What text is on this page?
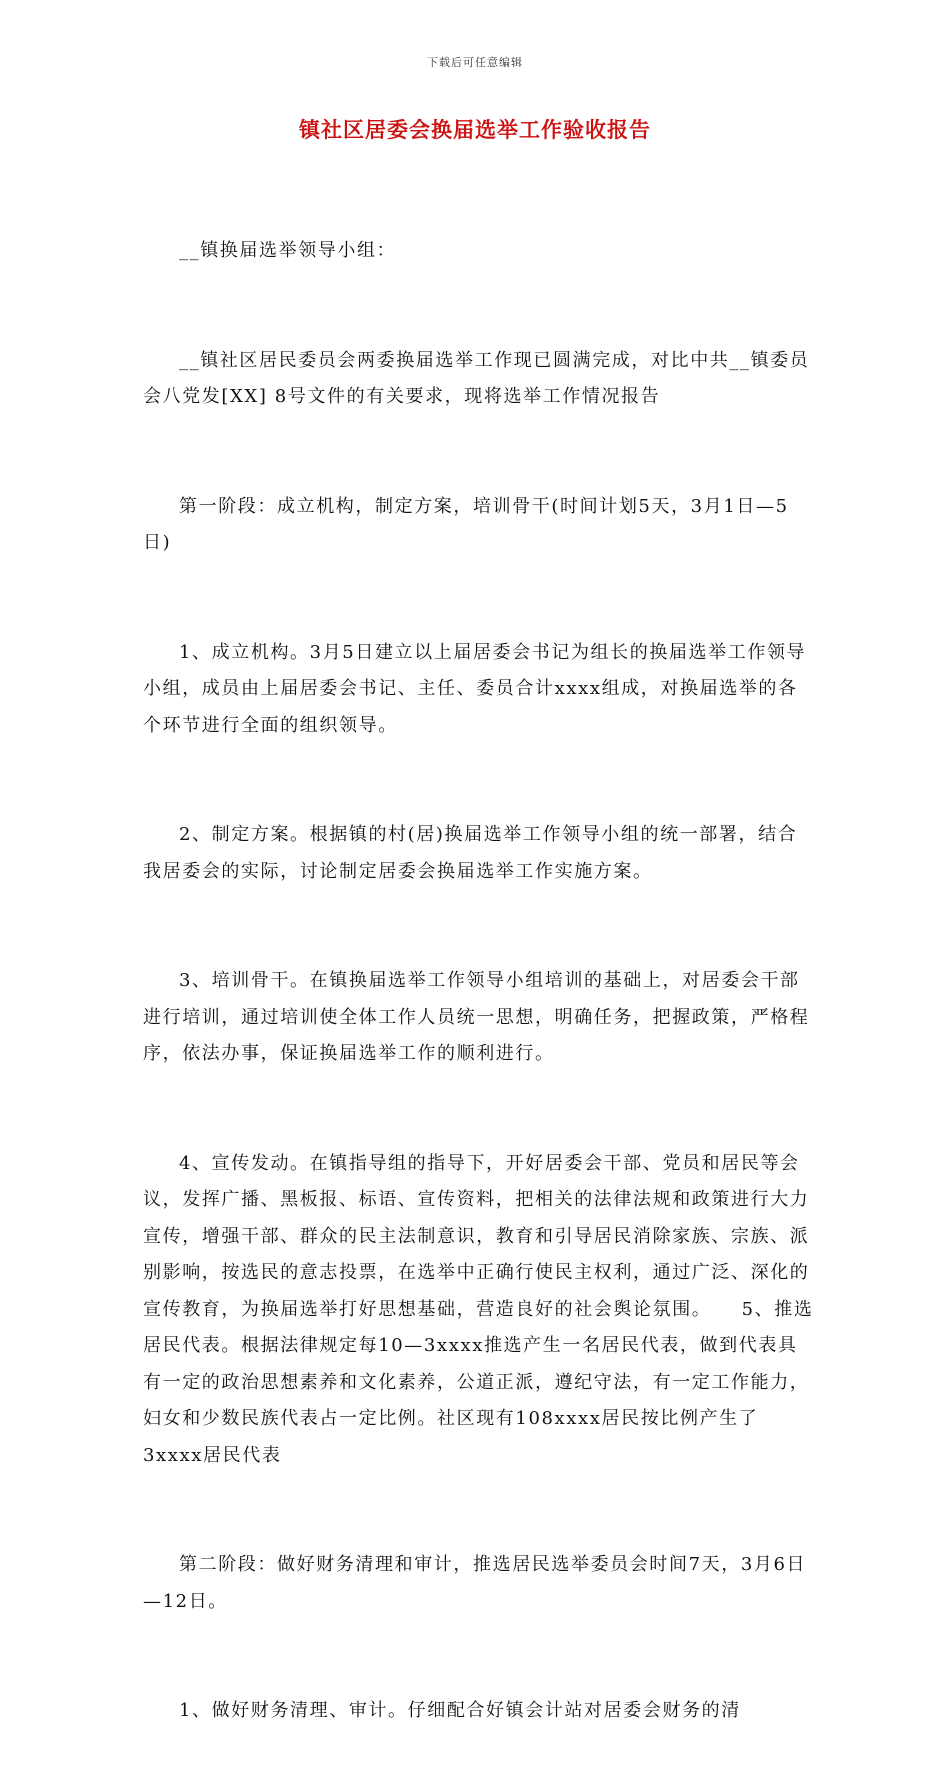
下载后可任意编辑
镇社区居委会换届选举工作验收报告

__镇换届选举领导小组：

__镇社区居民委员会两委换届选举工作现已圆满完成，对比中共__镇委员会八党发[XX] 8号文件的有关要求，现将选举工作情况报告

第一阶段：成立机构，制定方案，培训骨干(时间计划5天，3月1日—5日)

1、成立机构。3月5日建立以上届居委会书记为组长的换届选举工作领导小组，成员由上届居委会书记、主任、委员合计xxxx组成，对换届选举的各个环节进行全面的组织领导。

2、制定方案。根据镇的村(居)换届选举工作领导小组的统一部署，结合我居委会的实际，讨论制定居委会换届选举工作实施方案。

3、培训骨干。在镇换届选举工作领导小组培训的基础上，对居委会干部进行培训，通过培训使全体工作人员统一思想，明确任务，把握政策，严格程序，依法办事，保证换届选举工作的顺利进行。

4、宣传发动。在镇指导组的指导下，开好居委会干部、党员和居民等会议，发挥广播、黑板报、标语、宣传资料，把相关的法律法规和政策进行大力宣传，增强干部、群众的民主法制意识，教育和引导居民消除家族、宗族、派别影响，按选民的意志投票，在选举中正确行使民主权利，通过广泛、深化的宣传教育，为换届选举打好思想基础，营造良好的社会舆论氛围。　　5、推选居民代表。根据法律规定每10—3xxxx推选产生一名居民代表，做到代表具有一定的政治思想素养和文化素养，公道正派，遵纪守法，有一定工作能力，妇女和少数民族代表占一定比例。社区现有108xxxx居民按比例产生了3xxxx居民代表

第二阶段：做好财务清理和审计，推选居民选举委员会时间7天，3月6日—12日。

1、做好财务清理、审计。仔细配合好镇会计站对居委会财务的清
